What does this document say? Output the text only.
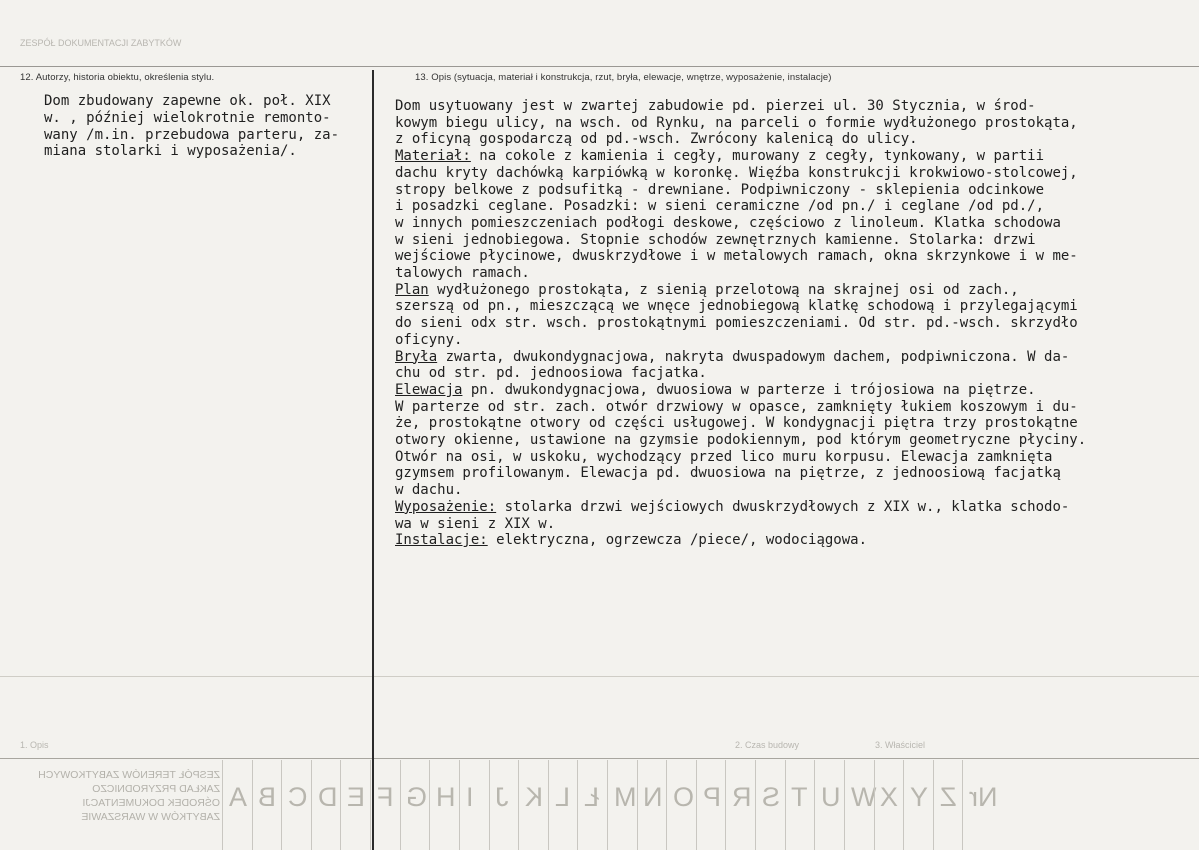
ZESPÓŁ DOKUMENTACJI ZABYTKÓW
1. Opis	2. Czas budowy	3. Właściciel
12. Autorzy, historia obiektu, określenia stylu.	13. Opis (sytuacja, materiał i konstrukcja, rzut, bryła, elewacje, wnętrze, wyposażenie, instalacje)
Dom zbudowany zapewne ok. poł. XIX
w. , później wielokrotnie remonto-
wany /m.in. przebudowa parteru, za-
miana stolarki i wyposażenia/.
Dom usytuowany jest w zwartej zabudowie pd. pierzei ul. 30 Stycznia, w środ-
kowym biegu ulicy, na wsch. od Rynku, na parceli o formie wydłużonego prostokąta,
z oficyną gospodarczą od pd.-wsch. Zwrócony kalenicą do ulicy.
Materiał: na cokole z kamienia i cegły, murowany z cegły, tynkowany, w partii
dachu kryty dachówką karpiówką w koronkę. Więźba konstrukcji krokwiowo-stolcowej,
stropy belkowe z podsufitką - drewniane. Podpiwniczony - sklepienia odcinkowe
i posadzki ceglane. Posadzki: w sieni ceramiczne /od pn./ i ceglane /od pd./,
w innych pomieszczeniach podłogi deskowe, częściowo z linoleum. Klatka schodowa
w sieni jednobiegowa. Stopnie schodów zewnętrznych kamienne. Stolarka: drzwi
wejściowe płycinowe, dwuskrzydłowe i w metalowych ramach, okna skrzynkowe i w me-
talowych ramach.
Plan wydłużonego prostokąta, z sienią przelotową na skrajnej osi od zach.,
szerszą od pn., mieszczącą we wnęce jednobiegową klatkę schodową i przylegającymi
do sieni odx str. wsch. prostokątnymi pomieszczeniami. Od str. pd.-wsch. skrzydło
oficyny.
Bryła zwarta, dwukondygnacjowa, nakryta dwuspadowym dachem, podpiwniczona. W da-
chu od str. pd. jednoosiowa facjatka.
Elewacja pn. dwukondygnacjowa, dwuosiowa w parterze i trójosiowa na piętrze.
W parterze od str. zach. otwór drzwiowy w opasce, zamknięty łukiem koszowym i du-
że, prostokątne otwory od części usługowej. W kondygnacji piętra trzy prostokątne
otwory okienne, ustawione na gzymsie podokiennym, pod którym geometryczne płyciny.
Otwór na osi, w uskoku, wychodzący przed lico muru korpusu. Elewacja zamknięta
gzymsem profilowanym. Elewacja pd. dwuosiowa na piętrze, z jednoosiową facjatką
w dachu.
Wyposażenie: stolarka drzwi wejściowych dwuskrzydłowych z XIX w., klatka schodo-
wa w sieni z XIX w.
Instalacje: elektryczna, ogrzewcza /piece/, wodociągowa.
ZESPÓŁ TERENÓW ZABYTKOWYCH
ZAKŁAD PRZYRODNICZO
OŚRODEK DOKUMENTACJI
ZABYTKÓW W WARSZAWIE
A B C D E F G H I J K L Ł M N O P R S T U W X Y Z Nr
